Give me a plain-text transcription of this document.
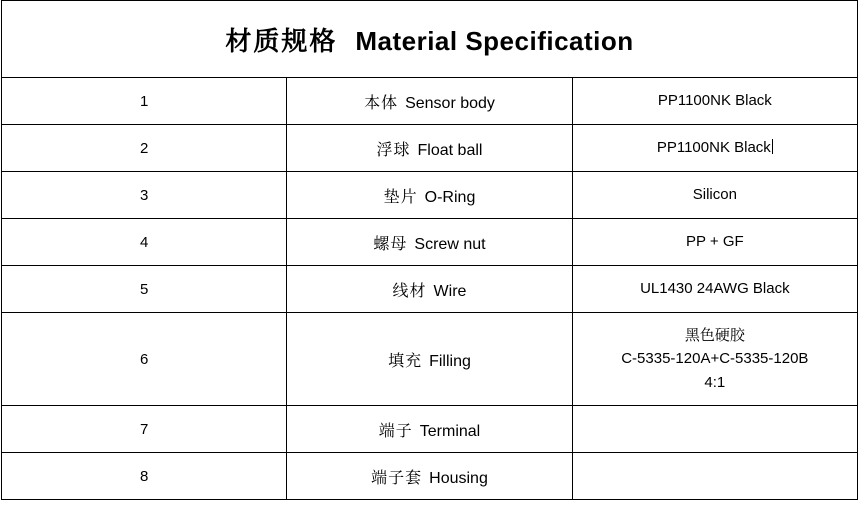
材质规格 Material Specification		
1	本体 Sensor body	PP1100NK Black

2	浮球 Float ball	PP1100NK Black
3	垫片 O-Ring	Silicon

4	螺母 Screw nut	PP + GF

5	线材 Wire	UL1430 24AWG Black

6	填充 Filling	黑色硬胶
C-5335-120A+C-5335-120B
4:1

7	端子 Terminal	

8	端子套 Housing	
